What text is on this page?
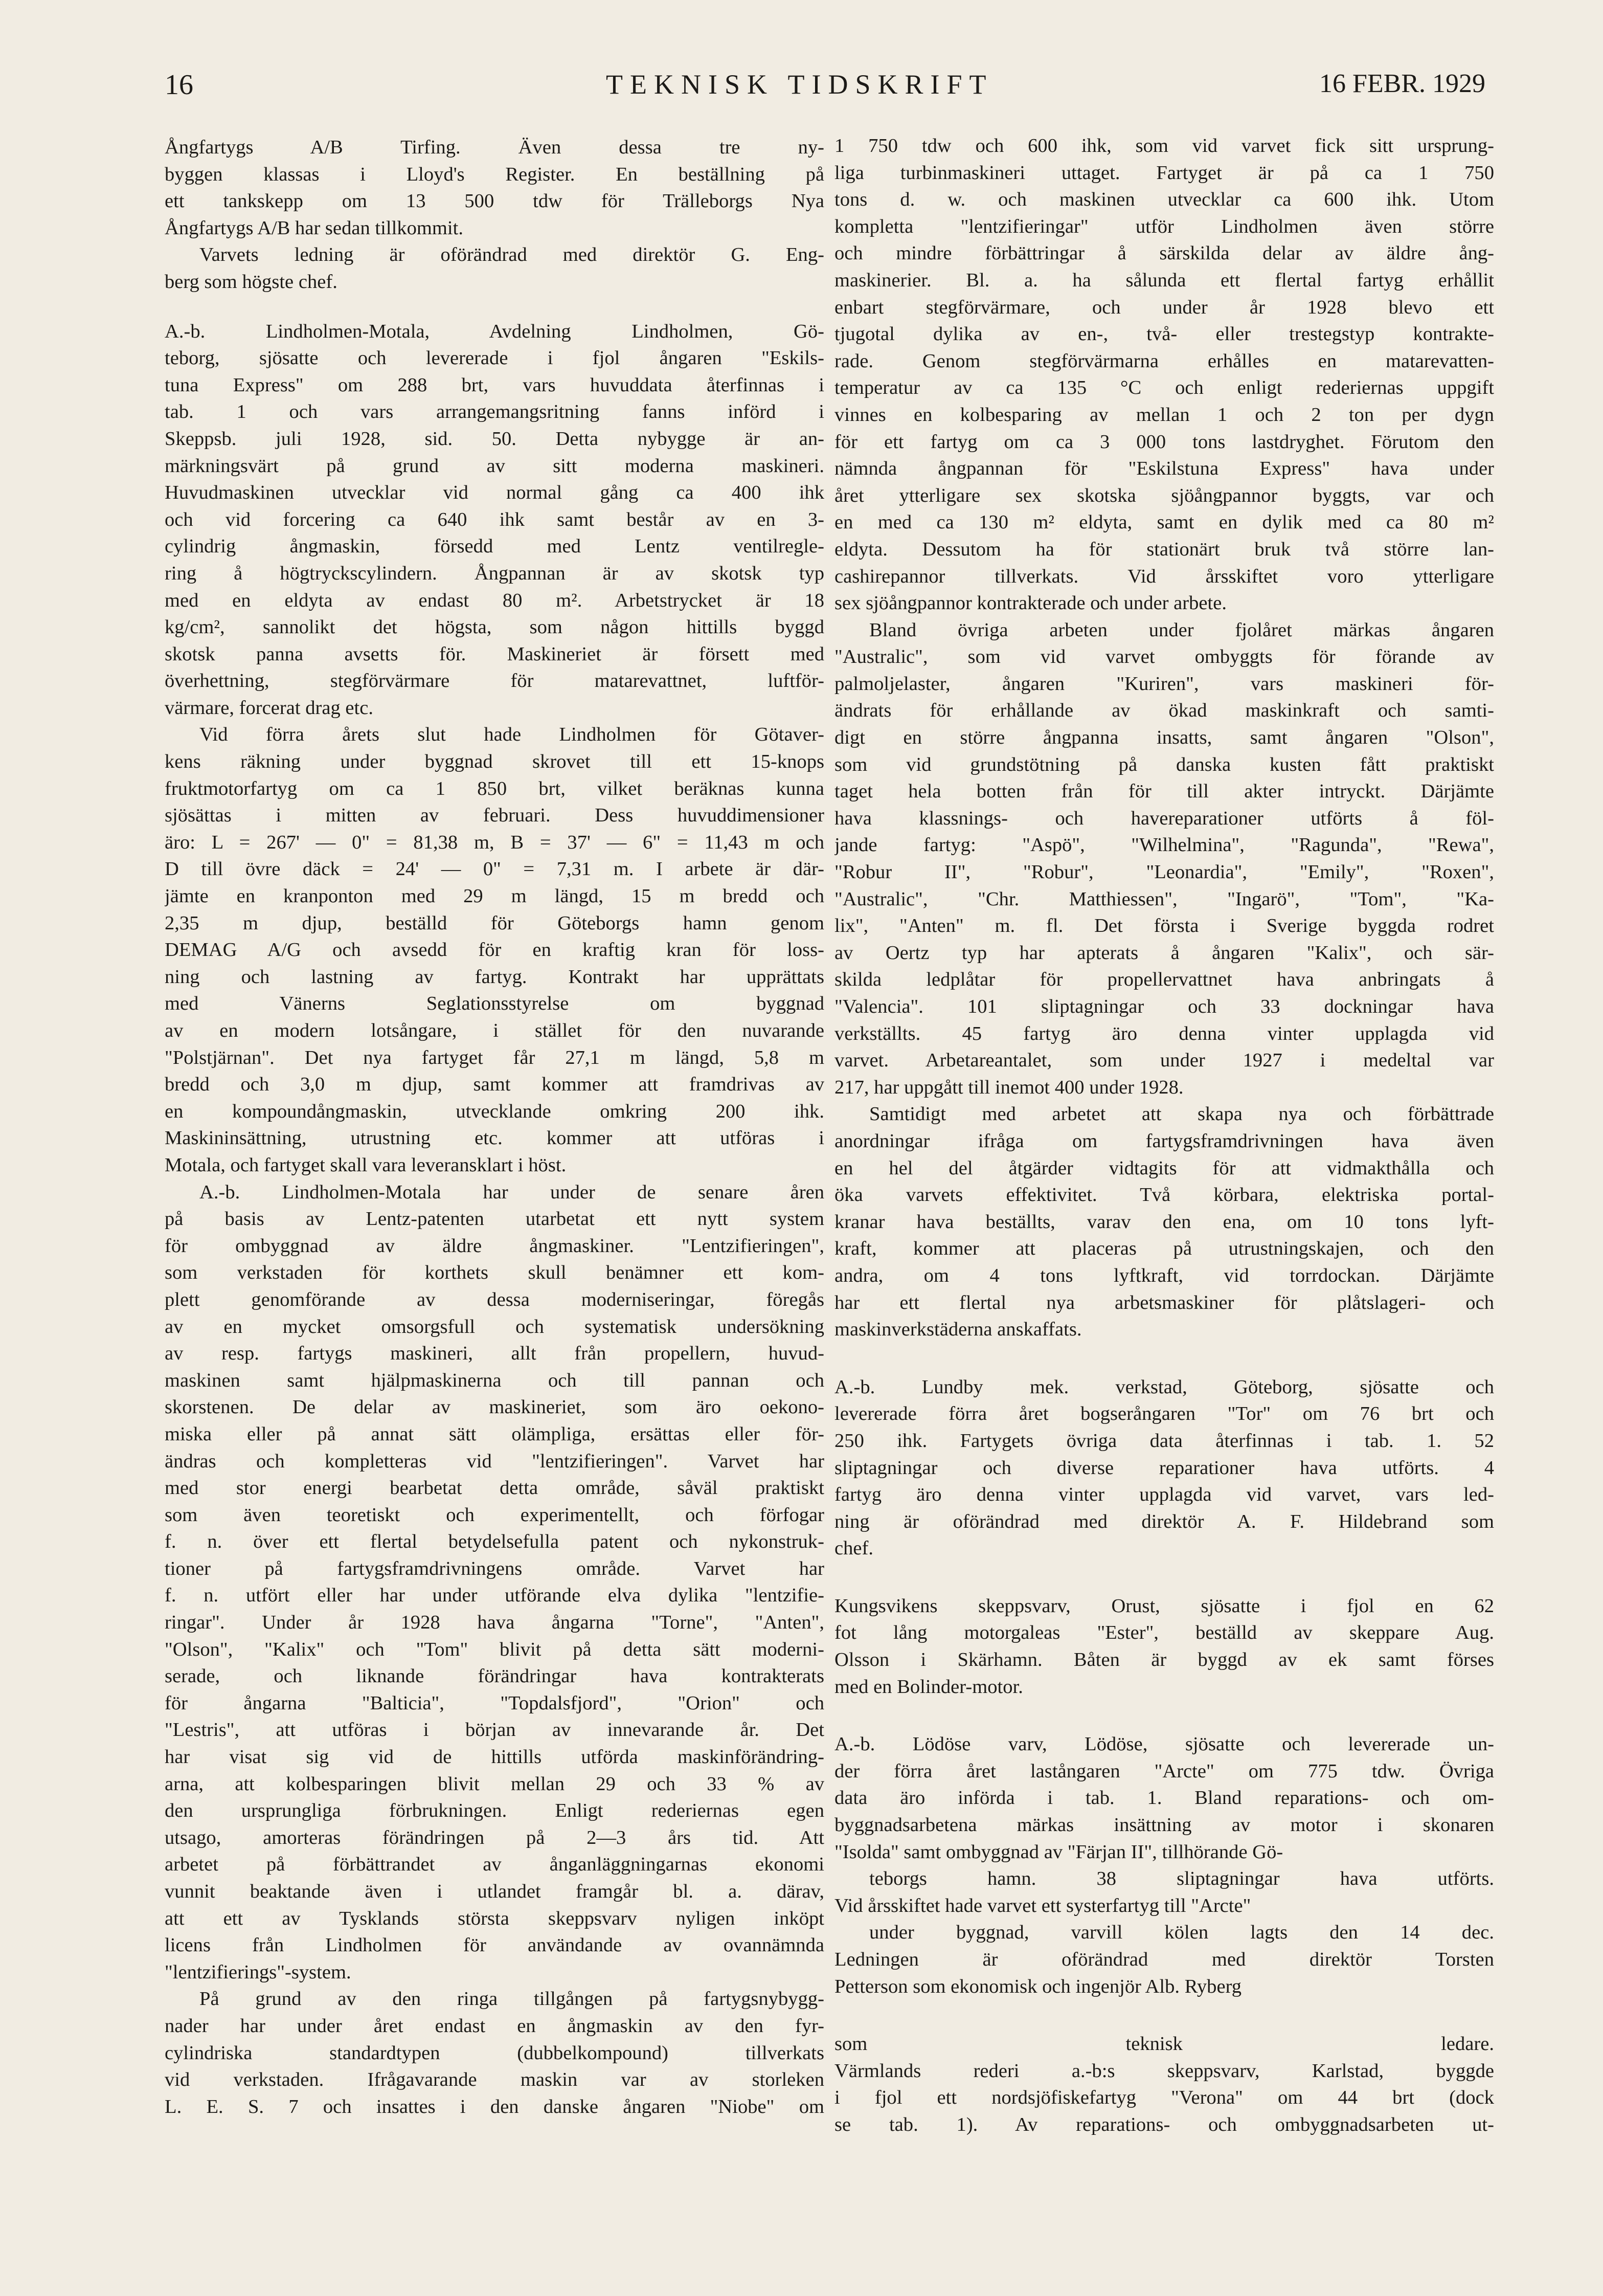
16	TEKNISK TIDSKRIFT	16 FEBR. 1929
Ångfartygs A/B Tirfing. Även dessa tre ny-
byggen klassas i Lloyd's Register. En beställning på
ett tankskepp om 13 500 tdw för Trälleborgs Nya
Ångfartygs A/B har sedan tillkommit.
Varvets ledning är oförändrad med direktör G. Eng-
berg som högste chef.
A.-b. Lindholmen-Motala, Avdelning Lindholmen, Gö-
teborg, sjösatte och levererade i fjol ångaren "Eskils-
tuna Express" om 288 brt, vars huvuddata återfinnas i
tab. 1 och vars arrangemangsritning fanns införd i
Skeppsb. juli 1928, sid. 50. Detta nybygge är an-
märkningsvärt på grund av sitt moderna maskineri.
Huvudmaskinen utvecklar vid normal gång ca 400 ihk
och vid forcering ca 640 ihk samt består av en 3-
cylindrig ångmaskin, försedd med Lentz ventilregle-
ring å högtryckscylindern. Ångpannan är av skotsk typ
med en eldyta av endast 80 m². Arbetstrycket är 18
kg/cm², sannolikt det högsta, som någon hittills byggd
skotsk panna avsetts för. Maskineriet är försett med
överhettning, stegförvärmare för matarevattnet, luftför-
värmare, forcerat drag etc.
Vid förra årets slut hade Lindholmen för Götaver-
kens räkning under byggnad skrovet till ett 15-knops
fruktmotorfartyg om ca 1 850 brt, vilket beräknas kunna
sjösättas i mitten av februari. Dess huvuddimensioner
äro: L = 267' — 0" = 81,38 m, B = 37' — 6" = 11,43 m och
D till övre däck = 24' — 0" = 7,31 m. I arbete är där-
jämte en kranponton med 29 m längd, 15 m bredd och
2,35 m djup, beställd för Göteborgs hamn genom
DEMAG A/G och avsedd för en kraftig kran för loss-
ning och lastning av fartyg. Kontrakt har upprättats
med Vänerns Seglationsstyrelse om byggnad
av en modern lotsångare, i stället för den nuvarande
"Polstjärnan". Det nya fartyget får 27,1 m längd, 5,8 m
bredd och 3,0 m djup, samt kommer att framdrivas av
en kompoundångmaskin, utvecklande omkring 200 ihk.
Maskininsättning, utrustning etc. kommer att utföras i
Motala, och fartyget skall vara leveransklart i höst.
A.-b. Lindholmen-Motala har under de senare åren
på basis av Lentz-patenten utarbetat ett nytt system
för ombyggnad av äldre ångmaskiner. "Lentzifieringen",
som verkstaden för korthets skull benämner ett kom-
plett genomförande av dessa moderniseringar, föregås
av en mycket omsorgsfull och systematisk undersökning
av resp. fartygs maskineri, allt från propellern, huvud-
maskinen samt hjälpmaskinerna och till pannan och
skorstenen. De delar av maskineriet, som äro oekono-
miska eller på annat sätt olämpliga, ersättas eller för-
ändras och kompletteras vid "lentzifieringen". Varvet har
med stor energi bearbetat detta område, såväl praktiskt
som även teoretiskt och experimentellt, och förfogar
f. n. över ett flertal betydelsefulla patent och nykonstruk-
tioner på fartygsframdrivningens område. Varvet har
f. n. utfört eller har under utförande elva dylika "lentzifie-
ringar". Under år 1928 hava ångarna "Torne", "Anten",
"Olson", "Kalix" och "Tom" blivit på detta sätt moderni-
serade, och liknande förändringar hava kontrakterats
för ångarna "Balticia", "Topdalsfjord", "Orion" och
"Lestris", att utföras i början av innevarande år. Det
har visat sig vid de hittills utförda maskinförändring-
arna, att kolbesparingen blivit mellan 29 och 33 % av
den ursprungliga förbrukningen. Enligt rederiernas egen
utsago, amorteras förändringen på 2—3 års tid. Att
arbetet på förbättrandet av ånganläggningarnas ekonomi
vunnit beaktande även i utlandet framgår bl. a. därav,
att ett av Tysklands största skeppsvarv nyligen inköpt
licens från Lindholmen för användande av ovannämnda
"lentzifierings"-system.
På grund av den ringa tillgången på fartygsnybygg-
nader har under året endast en ångmaskin av den fyr-
cylindriska standardtypen (dubbelkompound) tillverkats
vid verkstaden. Ifrågavarande maskin var av storleken
L. E. S. 7 och insattes i den danske ångaren "Niobe" om
1 750 tdw och 600 ihk, som vid varvet fick sitt ursprung-
liga turbinmaskineri uttaget. Fartyget är på ca 1 750
tons d. w. och maskinen utvecklar ca 600 ihk. Utom
kompletta "lentzifieringar" utför Lindholmen även större
och mindre förbättringar å särskilda delar av äldre ång-
maskinerier. Bl. a. ha sålunda ett flertal fartyg erhållit
enbart stegförvärmare, och under år 1928 blevo ett
tjugotal dylika av en-, två- eller trestegstyp kontrakte-
rade. Genom stegförvärmarna erhålles en matarevatten-
temperatur av ca 135 °C och enligt rederiernas uppgift
vinnes en kolbesparing av mellan 1 och 2 ton per dygn
för ett fartyg om ca 3 000 tons lastdryghet. Förutom den
nämnda ångpannan för "Eskilstuna Express" hava under
året ytterligare sex skotska sjöångpannor byggts, var och
en med ca 130 m² eldyta, samt en dylik med ca 80 m²
eldyta. Dessutom ha för stationärt bruk två större lan-
cashirepannor tillverkats. Vid årsskiftet voro ytterligare
sex sjöångpannor kontrakterade och under arbete.
Bland övriga arbeten under fjolåret märkas ångaren
"Australic", som vid varvet ombyggts för förande av
palmoljelaster, ångaren "Kuriren", vars maskineri för-
ändrats för erhållande av ökad maskinkraft och samti-
digt en större ångpanna insatts, samt ångaren "Olson",
som vid grundstötning på danska kusten fått praktiskt
taget hela botten från för till akter intryckt. Därjämte
hava klassnings- och havereparationer utförts å föl-
jande fartyg: "Aspö", "Wilhelmina", "Ragunda", "Rewa",
"Robur II", "Robur", "Leonardia", "Emily", "Roxen",
"Australic", "Chr. Matthiessen", "Ingarö", "Tom", "Ka-
lix", "Anten" m. fl. Det första i Sverige byggda rodret
av Oertz typ har apterats å ångaren "Kalix", och sär-
skilda ledplåtar för propellervattnet hava anbringats å
"Valencia". 101 sliptagningar och 33 dockningar hava
verkställts. 45 fartyg äro denna vinter upplagda vid
varvet. Arbetareantalet, som under 1927 i medeltal var
217, har uppgått till inemot 400 under 1928.
Samtidigt med arbetet att skapa nya och förbättrade
anordningar ifråga om fartygsframdrivningen hava även
en hel del åtgärder vidtagits för att vidmakthålla och
öka varvets effektivitet. Två körbara, elektriska portal-
kranar hava beställts, varav den ena, om 10 tons lyft-
kraft, kommer att placeras på utrustningskajen, och den
andra, om 4 tons lyftkraft, vid torrdockan. Därjämte
har ett flertal nya arbetsmaskiner för plåtslageri- och
maskinverkstäderna anskaffats.
A.-b. Lundby mek. verkstad, Göteborg, sjösatte och
levererade förra året bogserångaren "Tor" om 76 brt och
250 ihk. Fartygets övriga data återfinnas i tab. 1. 52
sliptagningar och diverse reparationer hava utförts. 4
fartyg äro denna vinter upplagda vid varvet, vars led-
ning är oförändrad med direktör A. F. Hildebrand som
chef.
Kungsvikens skeppsvarv, Orust, sjösatte i fjol en 62
fot lång motorgaleas "Ester", beställd av skeppare Aug.
Olsson i Skärhamn. Båten är byggd av ek samt förses
med en Bolinder-motor.
A.-b. Lödöse varv, Lödöse, sjösatte och levererade un-
der förra året lastångaren "Arcte" om 775 tdw. Övriga
data äro införda i tab. 1. Bland reparations- och om-
byggnadsarbetena märkas insättning av motor i skonaren
"Isolda" samt ombyggnad av "Färjan II", tillhörande Gö-
teborgs hamn. 38 sliptagningar hava utförts.
Vid årsskiftet hade varvet ett systerfartyg till "Arcte"
under byggnad, varvill kölen lagts den 14 dec.
Ledningen är oförändrad med direktör Torsten
Petterson som ekonomisk och ingenjör Alb. Ryberg
som teknisk ledare.
Värmlands rederi a.-b:s skeppsvarv, Karlstad, byggde
i fjol ett nordsjöfiskefartyg "Verona" om 44 brt (dock
se tab. 1). Av reparations- och ombyggnadsarbeten ut-
